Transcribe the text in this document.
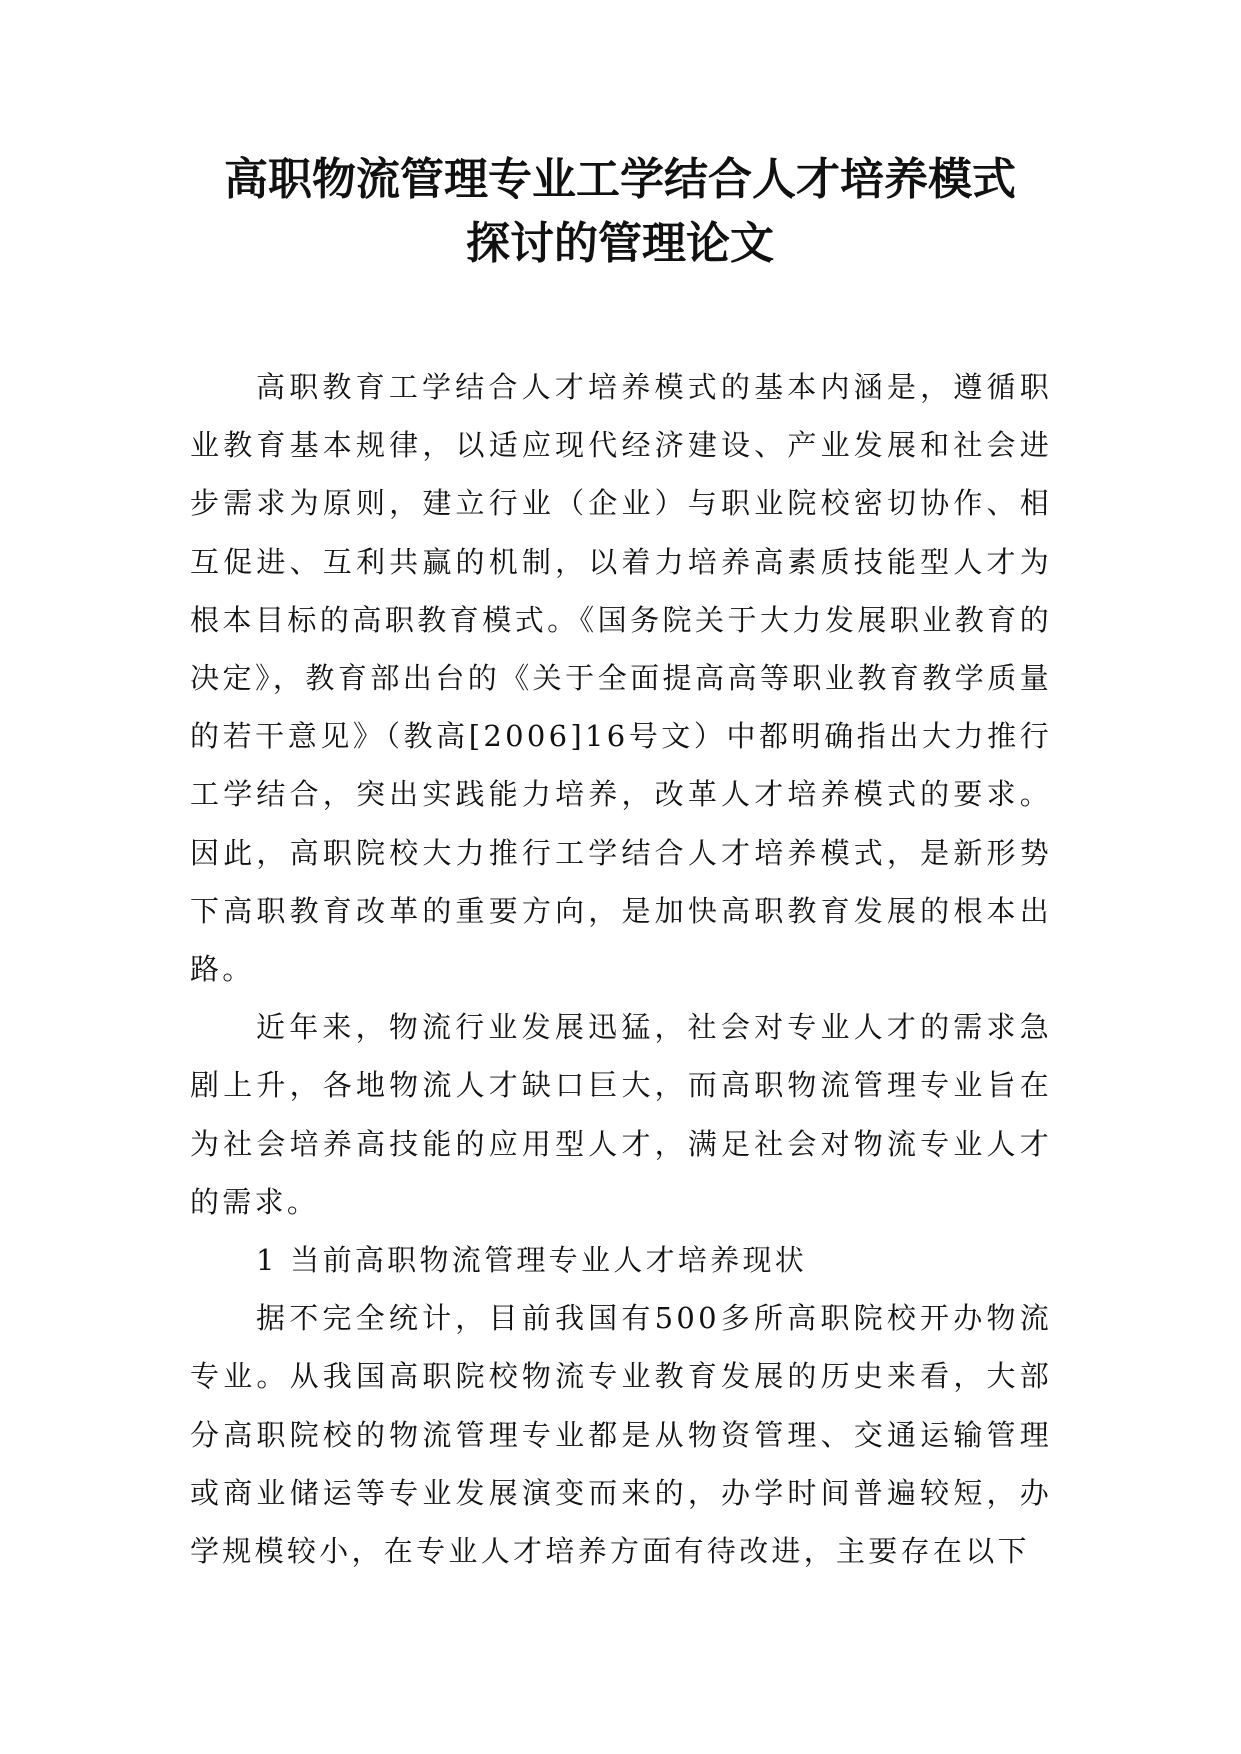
高职物流管理专业工学结合人才培养模式
探讨的管理论文

高职教育工学结合人才培养模式的基本内涵是，遵循职业教育基本规律，以适应现代经济建设、产业发展和社会进步需求为原则，建立行业（企业）与职业院校密切协作、相互促进、互利共赢的机制，以着力培养高素质技能型人才为根本目标的高职教育模式。《国务院关于大力发展职业教育的决定》，教育部出台的《关于全面提高高等职业教育教学质量的若干意见》（教高[2006]16号文）中都明确指出大力推行工学结合，突出实践能力培养，改革人才培养模式的要求。因此，高职院校大力推行工学结合人才培养模式，是新形势下高职教育改革的重要方向，是加快高职教育发展的根本出路。

近年来，物流行业发展迅猛，社会对专业人才的需求急剧上升，各地物流人才缺口巨大，而高职物流管理专业旨在为社会培养高技能的应用型人才，满足社会对物流专业人才的需求。

1 当前高职物流管理专业人才培养现状

据不完全统计，目前我国有500多所高职院校开办物流专业。从我国高职院校物流专业教育发展的历史来看，大部分高职院校的物流管理专业都是从物资管理、交通运输管理或商业储运等专业发展演变而来的，办学时间普遍较短，办学规模较小，在专业人才培养方面有待改进，主要存在以下
